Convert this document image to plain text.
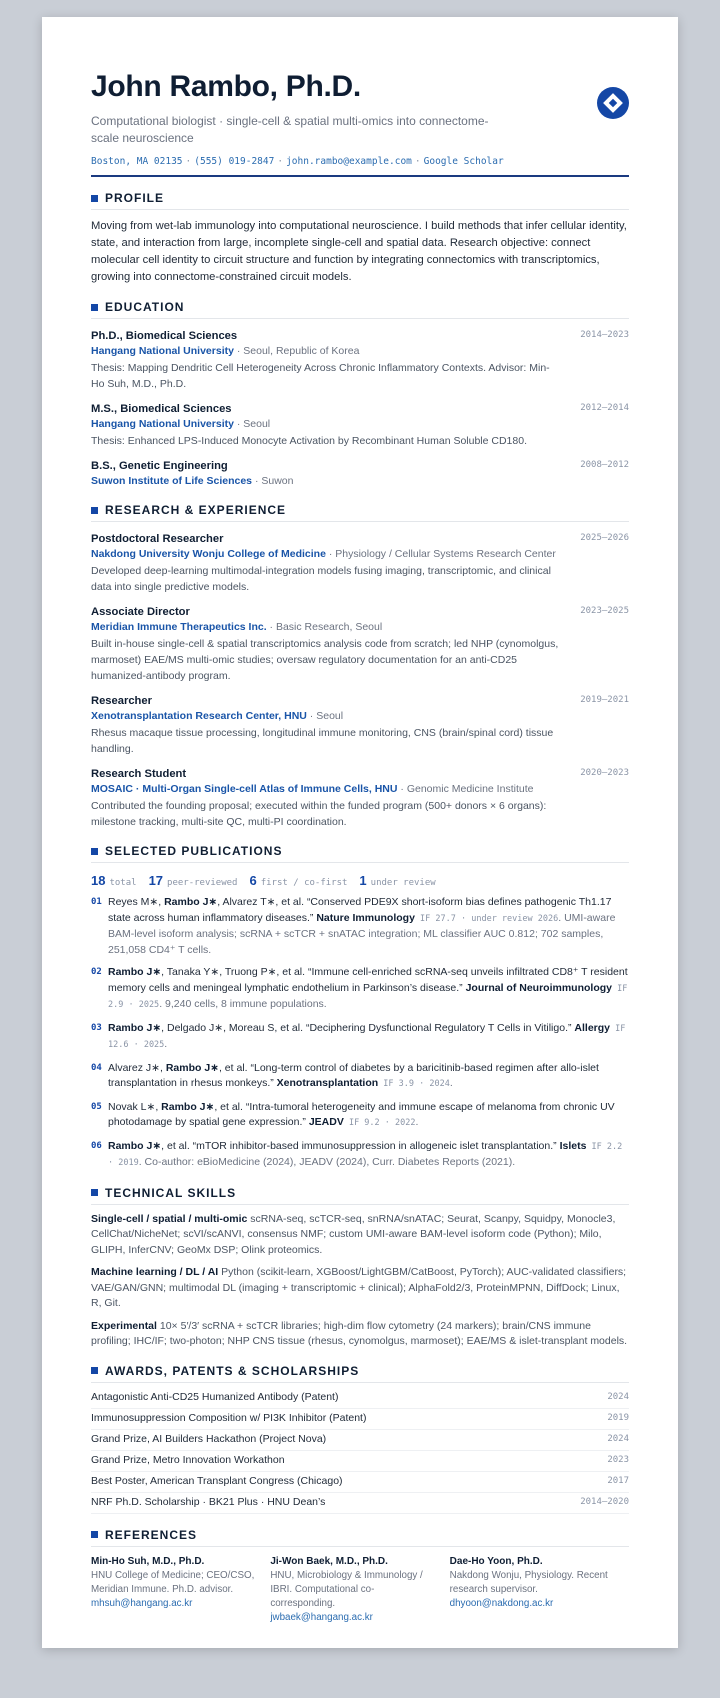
John Rambo, Ph.D.
Computational biologist · single-cell & spatial multi-omics into connectome-scale neuroscience
Boston, MA 02135 · (555) 019-2847 · john.rambo@example.com · Google Scholar
PROFILE
Moving from wet-lab immunology into computational neuroscience. I build methods that infer cellular identity, state, and interaction from large, incomplete single-cell and spatial data. Research objective: connect molecular cell identity to circuit structure and function by integrating connectomics with transcriptomics, growing into connectome-constrained circuit models.
EDUCATION
Ph.D., Biomedical Sciences
Hangang National University · Seoul, Republic of Korea
Thesis: Mapping Dendritic Cell Heterogeneity Across Chronic Inflammatory Contexts. Advisor: Min-Ho Suh, M.D., Ph.D.
2014–2023
M.S., Biomedical Sciences
Hangang National University · Seoul
Thesis: Enhanced LPS-Induced Monocyte Activation by Recombinant Human Soluble CD180.
2012–2014
B.S., Genetic Engineering
Suwon Institute of Life Sciences · Suwon
2008–2012
RESEARCH & EXPERIENCE
Postdoctoral Researcher
Nakdong University Wonju College of Medicine · Physiology / Cellular Systems Research Center
Developed deep-learning multimodal-integration models fusing imaging, transcriptomic, and clinical data into single predictive models.
2025–2026
Associate Director
Meridian Immune Therapeutics Inc. · Basic Research, Seoul
Built in-house single-cell & spatial transcriptomics analysis code from scratch; led NHP (cynomolgus, marmoset) EAE/MS multi-omic studies; oversaw regulatory documentation for an anti-CD25 humanized-antibody program.
2023–2025
Researcher
Xenotransplantation Research Center, HNU · Seoul
Rhesus macaque tissue processing, longitudinal immune monitoring, CNS (brain/spinal cord) tissue handling.
2019–2021
Research Student
MOSAIC · Multi-Organ Single-cell Atlas of Immune Cells, HNU · Genomic Medicine Institute
Contributed the founding proposal; executed within the funded program (500+ donors × 6 organs): milestone tracking, multi-site QC, multi-PI coordination.
2020–2023
SELECTED PUBLICATIONS
18 total 17 peer-reviewed 6 first / co-first 1 under review
01 Reyes M∗, Rambo J∗, Alvarez T∗, et al. “Conserved PDE9X short-isoform bias defines pathogenic Th1.17 state across human inflammatory diseases.” Nature Immunology IF 27.7 · under review 2026. UMI-aware BAM-level isoform analysis; scRNA + scTCR + snATAC integration; ML classifier AUC 0.812; 702 samples, 251,058 CD4⁺ T cells.
02 Rambo J∗, Tanaka Y∗, Truong P∗, et al. “Immune cell-enriched scRNA-seq unveils infiltrated CD8⁺ T resident memory cells and meningeal lymphatic endothelium in Parkinson’s disease.” Journal of Neuroimmunology IF 2.9 · 2025. 9,240 cells, 8 immune populations.
03 Rambo J∗, Delgado J∗, Moreau S, et al. “Deciphering Dysfunctional Regulatory T Cells in Vitiligo.” Allergy IF 12.6 · 2025.
04 Alvarez J∗, Rambo J∗, et al. “Long-term control of diabetes by a baricitinib-based regimen after allo-islet transplantation in rhesus monkeys.” Xenotransplantation IF 3.9 · 2024.
05 Novak L∗, Rambo J∗, et al. “Intra-tumoral heterogeneity and immune escape of melanoma from chronic UV photodamage by spatial gene expression.” JEADV IF 9.2 · 2022.
06 Rambo J∗, et al. “mTOR inhibitor-based immunosuppression in allogeneic islet transplantation.” Islets IF 2.2 · 2019. Co-author: eBioMedicine (2024), JEADV (2024), Curr. Diabetes Reports (2021).
TECHNICAL SKILLS
Single-cell / spatial / multi-omic scRNA-seq, scTCR-seq, snRNA/snATAC; Seurat, Scanpy, Squidpy, Monocle3, CellChat/NicheNet; scVI/scANVI, consensus NMF; custom UMI-aware BAM-level isoform code (Python); Milo, GLIPH, InferCNV; GeoMx DSP; Olink proteomics.
Machine learning / DL / AI Python (scikit-learn, XGBoost/LightGBM/CatBoost, PyTorch); AUC-validated classifiers; VAE/GAN/GNN; multimodal DL (imaging + transcriptomic + clinical); AlphaFold2/3, ProteinMPNN, DiffDock; Linux, R, Git.
Experimental 10× 5′/3′ scRNA + scTCR libraries; high-dim flow cytometry (24 markers); brain/CNS immune profiling; IHC/IF; two-photon; NHP CNS tissue (rhesus, cynomolgus, marmoset); EAE/MS & islet-transplant models.
AWARDS, PATENTS & SCHOLARSHIPS
Antagonistic Anti-CD25 Humanized Antibody (Patent)	2024
Immunosuppression Composition w/ PI3K Inhibitor (Patent)	2019
Grand Prize, AI Builders Hackathon (Project Nova)	2024
Grand Prize, Metro Innovation Workathon	2023
Best Poster, American Transplant Congress (Chicago)	2017
NRF Ph.D. Scholarship · BK21 Plus · HNU Dean’s	2014–2020
REFERENCES
Min-Ho Suh, M.D., Ph.D.
HNU College of Medicine; CEO/CSO, Meridian Immune. Ph.D. advisor.
mhsuh@hangang.ac.kr
Ji-Won Baek, M.D., Ph.D.
HNU, Microbiology & Immunology / IBRI. Computational co-corresponding.
jwbaek@hangang.ac.kr
Dae-Ho Yoon, Ph.D.
Nakdong Wonju, Physiology. Recent research supervisor.
dhyoon@nakdong.ac.kr
